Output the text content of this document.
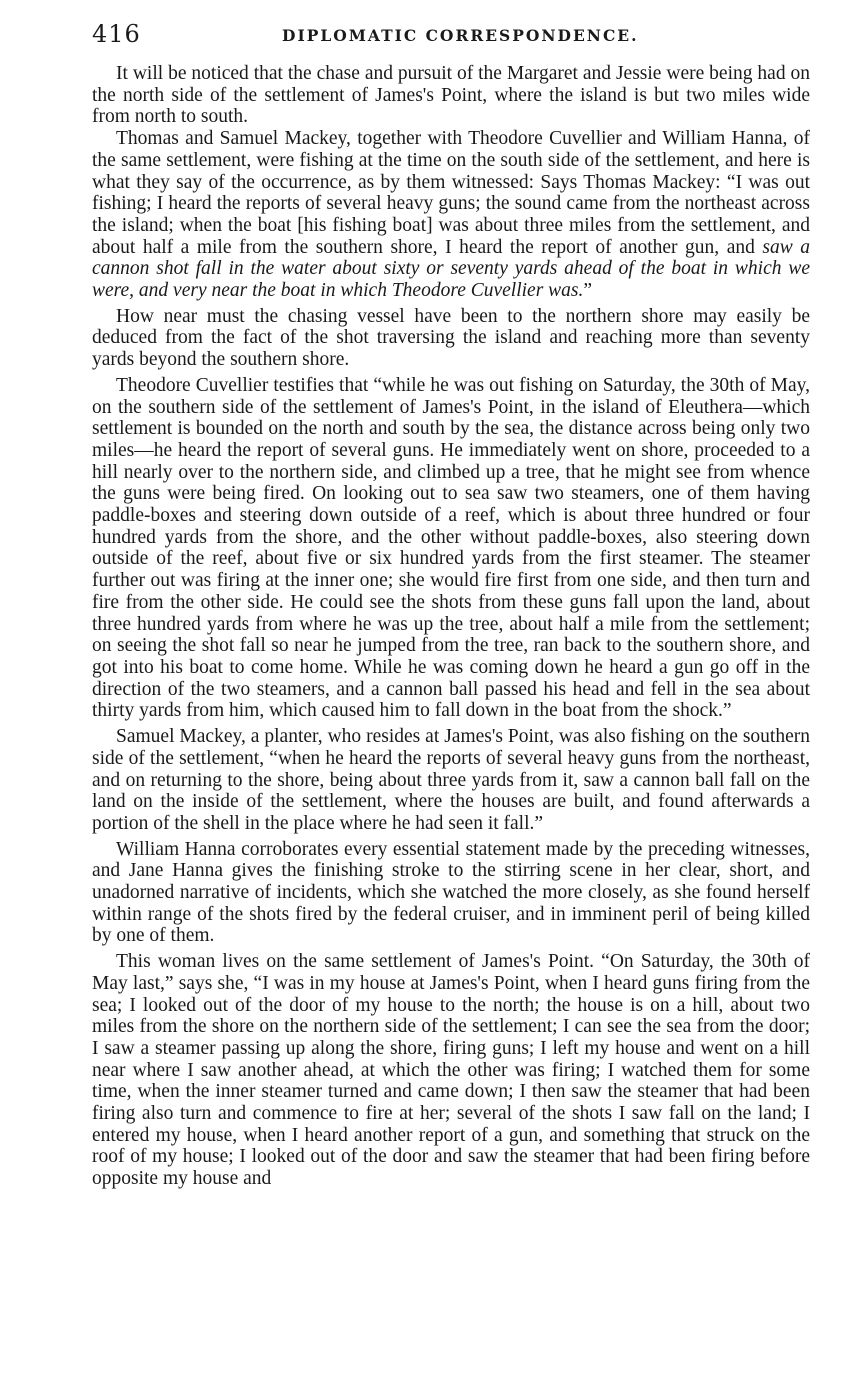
416	DIPLOMATIC CORRESPONDENCE.

It will be noticed that the chase and pursuit of the Margaret and Jessie were being had on the north side of the settlement of James's Point, where the island is but two miles wide from north to south.

Thomas and Samuel Mackey, together with Theodore Cuvellier and William Hanna, of the same settlement, were fishing at the time on the south side of the settlement, and here is what they say of the occurrence, as by them witnessed: Says Thomas Mackey: “I was out fishing; I heard the reports of several heavy guns; the sound came from the northeast across the island; when the boat [his fishing boat] was about three miles from the settlement, and about half a mile from the southern shore, I heard the report of another gun, and saw a cannon shot fall in the water about sixty or seventy yards ahead of the boat in which we were, and very near the boat in which Theodore Cuvellier was.”

How near must the chasing vessel have been to the northern shore may easily be deduced from the fact of the shot traversing the island and reaching more than seventy yards beyond the southern shore.

Theodore Cuvellier testifies that “while he was out fishing on Saturday, the 30th of May, on the southern side of the settlement of James's Point, in the island of Eleuthera—which settlement is bounded on the north and south by the sea, the distance across being only two miles—he heard the report of several guns. He immediately went on shore, proceeded to a hill nearly over to the northern side, and climbed up a tree, that he might see from whence the guns were being fired. On looking out to sea saw two steamers, one of them having paddle-boxes and steering down outside of a reef, which is about three hundred or four hundred yards from the shore, and the other without paddle-boxes, also steering down outside of the reef, about five or six hundred yards from the first steamer. The steamer further out was firing at the inner one; she would fire first from one side, and then turn and fire from the other side. He could see the shots from these guns fall upon the land, about three hundred yards from where he was up the tree, about half a mile from the settlement; on seeing the shot fall so near he jumped from the tree, ran back to the southern shore, and got into his boat to come home. While he was coming down he heard a gun go off in the direction of the two steamers, and a cannon ball passed his head and fell in the sea about thirty yards from him, which caused him to fall down in the boat from the shock.”

Samuel Mackey, a planter, who resides at James's Point, was also fishing on the southern side of the settlement, “when he heard the reports of several heavy guns from the northeast, and on returning to the shore, being about three yards from it, saw a cannon ball fall on the land on the inside of the settlement, where the houses are built, and found afterwards a portion of the shell in the place where he had seen it fall.”

William Hanna corroborates every essential statement made by the preceding witnesses, and Jane Hanna gives the finishing stroke to the stirring scene in her clear, short, and unadorned narrative of incidents, which she watched the more closely, as she found herself within range of the shots fired by the federal cruiser, and in imminent peril of being killed by one of them.

This woman lives on the same settlement of James's Point. “On Saturday, the 30th of May last,” says she, “I was in my house at James's Point, when I heard guns firing from the sea; I looked out of the door of my house to the north; the house is on a hill, about two miles from the shore on the northern side of the settlement; I can see the sea from the door; I saw a steamer passing up along the shore, firing guns; I left my house and went on a hill near where I saw another ahead, at which the other was firing; I watched them for some time, when the inner steamer turned and came down; I then saw the steamer that had been firing also turn and commence to fire at her; several of the shots I saw fall on the land; I entered my house, when I heard another report of a gun, and something that struck on the roof of my house; I looked out of the door and saw the steamer that had been firing before opposite my house and
